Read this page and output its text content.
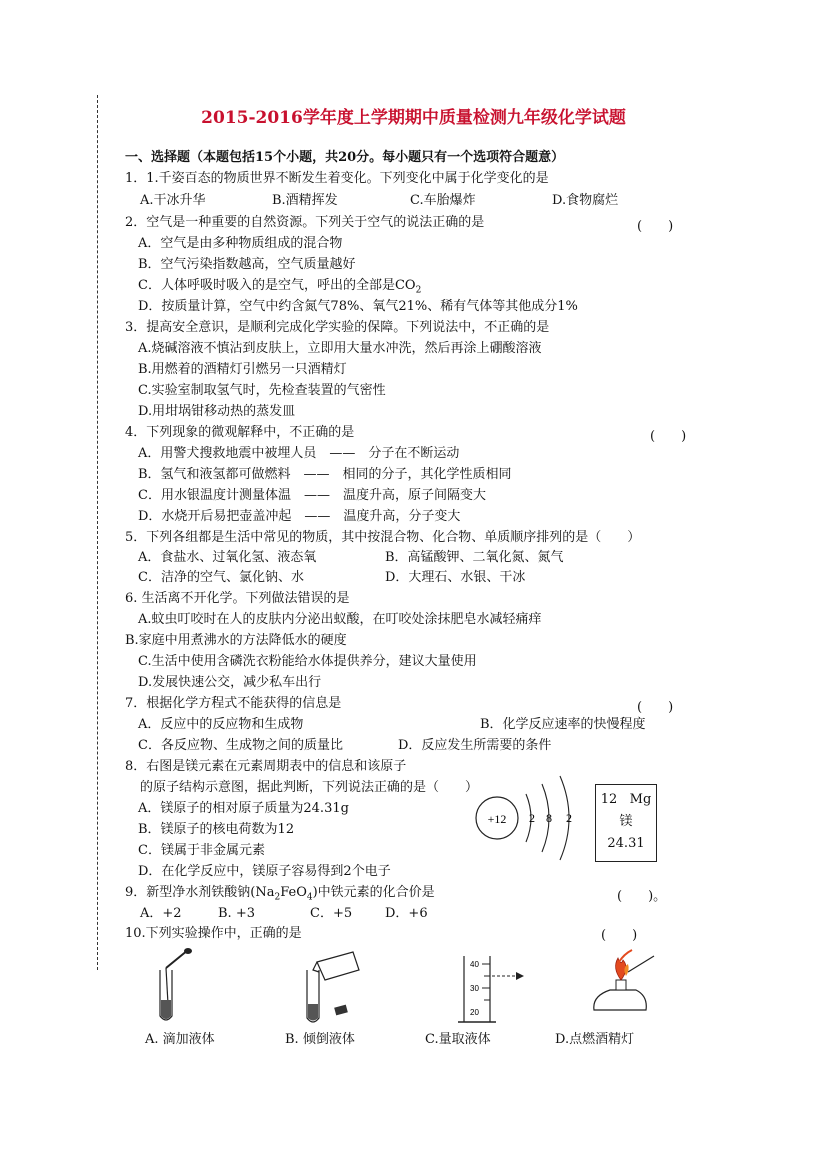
2015-2016学年度上学期期中质量检测九年级化学试题
一、选择题（本题包括15个小题，共20分。每小题只有一个选项符合题意）
1．1.千姿百态的物质世界不断发生着变化。下列变化中属于化学变化的是
A.干冰升华	B.酒精挥发	C.车胎爆炸	D.食物腐烂
2．空气是一种重要的自然资源。下列关于空气的说法正确的是	(　　)
A．空气是由多种物质组成的混合物
B．空气污染指数越高，空气质量越好
C．人体呼吸时吸入的是空气，呼出的全部是$CO_2$
D．按质量计算，空气中约含氮气78%、氧气21%、稀有气体等其他成分1%
3．提高安全意识，是顺利完成化学实验的保障。下列说法中，不正确的是
A.烧碱溶液不慎沾到皮肤上，立即用大量水冲洗，然后再涂上硼酸溶液
B.用燃着的酒精灯引燃另一只酒精灯
C.实验室制取氢气时，先检查装置的气密性
D.用坩埚钳移动热的蒸发皿
4．下列现象的微观解释中，不正确的是	(　　)
A．用警犬搜救地震中被埋人员　——　分子在不断运动
B．氢气和液氢都可做燃料　——　相同的分子，其化学性质相同
C．用水银温度计测量体温　——　温度升高，原子间隔变大
D．水烧开后易把壶盖冲起　——　温度升高，分子变大
5．下列各组都是生活中常见的物质，其中按混合物、化合物、单质顺序排列的是（　　）
A．食盐水、过氧化氢、液态氧	B．高锰酸钾、二氧化氮、氮气
C．洁净的空气、氯化钠、水	D．大理石、水银、干冰
6. 生活离不开化学。下列做法错误的是
A.蚊虫叮咬时在人的皮肤内分泌出蚁酸，在叮咬处涂抹肥皂水减轻痛痒
B.家庭中用煮沸水的方法降低水的硬度
C.生活中使用含磷洗衣粉能给水体提供养分，建议大量使用
D.发展快速公交，减少私车出行
7．根据化学方程式不能获得的信息是	(　　)
A．反应中的反应物和生成物	B．化学反应速率的快慢程度
C．各反应物、生成物之间的质量比	D．反应发生所需要的条件
8．右图是镁元素在元素周期表中的信息和该原子
的原子结构示意图，据此判断，下列说法正确的是（　　）
A．镁原子的相对原子质量为24.31g
B．镁原子的核电荷数为12
C．镁属于非金属元素
D．在化学反应中，镁原子容易得到2个电子
+12 2 8 2
12 Mg
镁
24.31
9．新型净水剂铁酸钠$(Na_2FeO_4)$中铁元素的化合价是	(　　)。
A．+2	B. +3	C．+5	D．+6
10.下列实验操作中，正确的是	(　　)
40
30
20
A. 滴加液体	B. 倾倒液体	C.量取液体	D.点燃酒精灯
